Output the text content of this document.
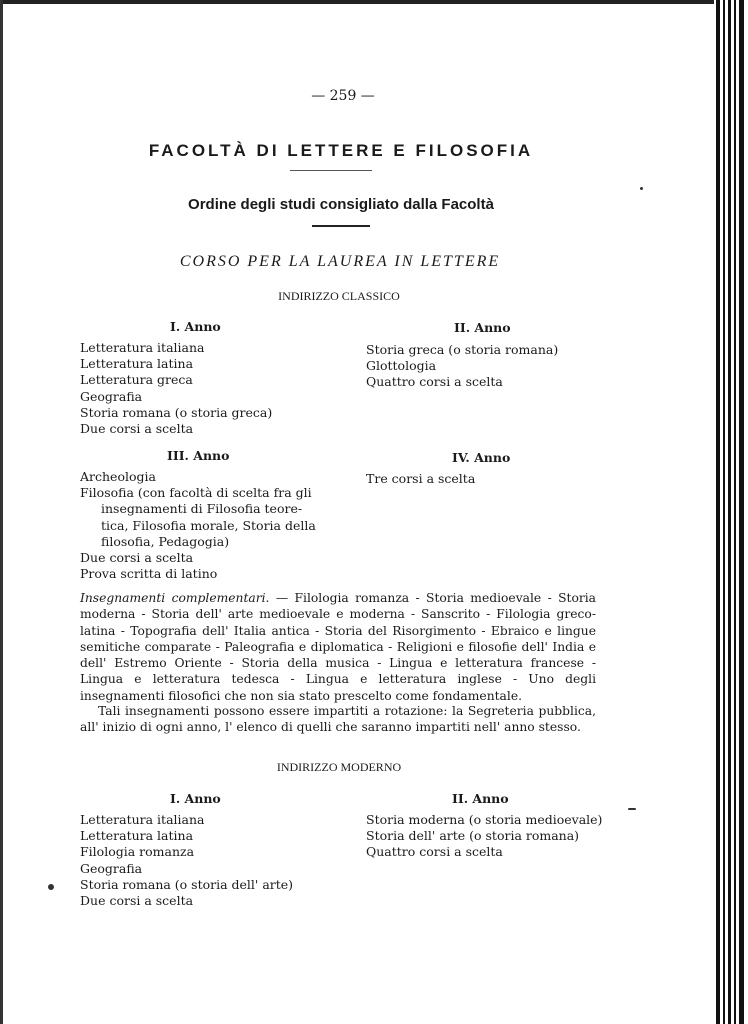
— 259 —
FACOLTÀ DI LETTERE E FILOSOFIA
Ordine degli studi consigliato dalla Facoltà
CORSO PER LA LAUREA IN LETTERE
INDIRIZZO CLASSICO
I. Anno
Letteratura italiana
Letteratura latina
Letteratura greca
Geografia
Storia romana (o storia greca)
Due corsi a scelta
II. Anno
Storia greca (o storia romana)
Glottologia
Quattro corsi a scelta
III. Anno
Archeologia
Filosofia (con facoltà di scelta fra gli
insegnamenti di Filosofia teore-
tica, Filosofia morale, Storia della
filosofia, Pedagogia)
Due corsi a scelta
Prova scritta di latino
IV. Anno
Tre corsi a scelta
Insegnamenti complementari. — Filologia romanza - Storia medioevale - Storia moderna - Storia dell' arte medioevale e moderna - Sanscrito - Filologia greco-latina - Topografia dell' Italia antica - Storia del Risorgimento - Ebraico e lingue semitiche comparate - Paleografia e diplomatica - Religioni e filosofie dell' India e dell' Estremo Oriente - Storia della musica - Lingua e letteratura francese - Lingua e letteratura tedesca - Lingua e letteratura inglese - Uno degli insegnamenti filosofici che non sia stato prescelto come fondamentale.
Tali insegnamenti possono essere impartiti a rotazione: la Segreteria pubblica, all' inizio di ogni anno, l' elenco di quelli che saranno impartiti nell' anno stesso.
INDIRIZZO MODERNO
I. Anno
Letteratura italiana
Letteratura latina
Filologia romanza
Geografia
Storia romana (o storia dell' arte)
Due corsi a scelta
II. Anno
Storia moderna (o storia medioevale)
Storia dell' arte (o storia romana)
Quattro corsi a scelta
